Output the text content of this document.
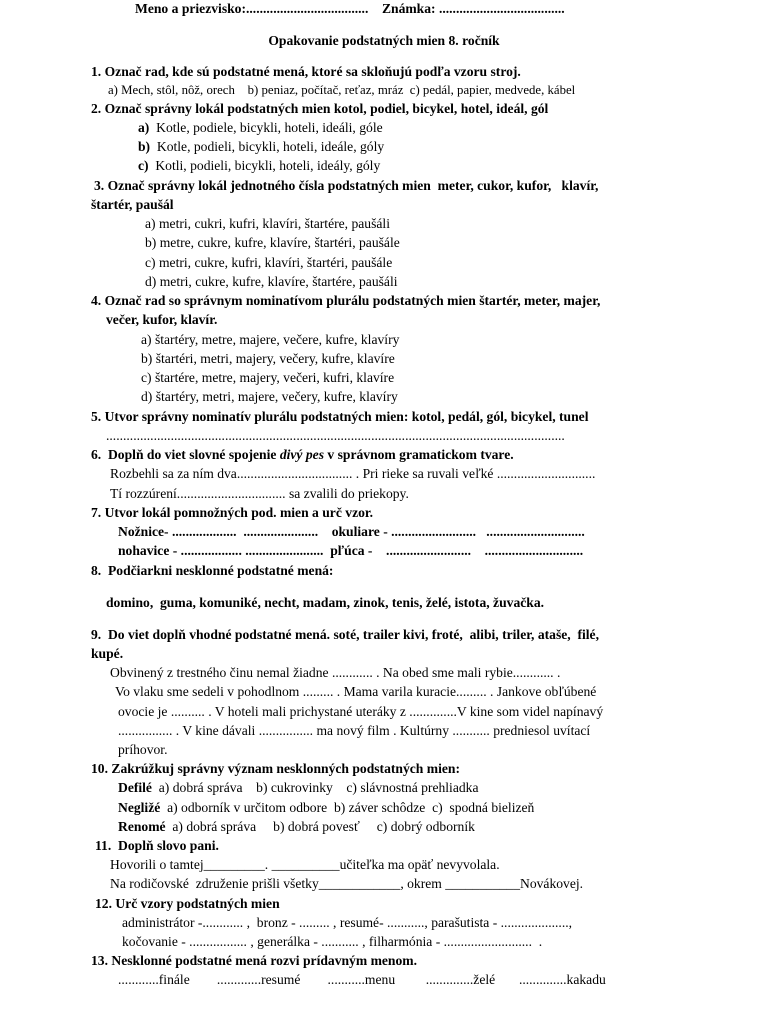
Meno a priezvisko:....................................    Známka: .....................................
Opakovanie podstatných mien 8. ročník
1. Označ rad, kde sú podstatné mená, ktoré sa skloňujú podľa vzoru stroj.
a) Mech, stôl, nôž, orech    b) peniaz, počítač, reťaz, mráz  c) pedál, papier, medvede, kábel
2. Označ správny lokál podstatných mien kotol, podiel, bicykel, hotel, ideál, gól
a) Kotle, podiele, bicykli, hoteli, ideáli, góle
b) Kotle, podieli, bicykli, hoteli, ideále, góly
c) Kotli, podieli, bicykli, hoteli, ideály, góly
3. Označ správny lokál jednotného čísla podstatných mien  meter, cukor, kufor,   klavír,
štartér, paušál
a) metri, cukri, kufri, klavíri, štartére, paušáli
b) metre, cukre, kufre, klavíre, štartéri, paušále
c) metri, cukre, kufri, klavíri, štartéri, paušále
d) metri, cukre, kufre, klavíre, štartére, paušáli
4. Označ rad so správnym nominatívom plurálu podstatných mien štartér, meter, majer,
večer, kufor, klavír.
a) štartéry, metre, majere, večere, kufre, klavíry
b) štartéri, metri, majery, večery, kufre, klavíre
c) štartére, metre, majery, večeri, kufri, klavíre
d) štartéry, metri, majere, večery, kufre, klavíry
5. Utvor správny nominatív plurálu podstatných mien: kotol, pedál, gól, bicykel, tunel
.......................................................................................................................................
6.  Doplň do viet slovné spojenie divý pes v správnom gramatickom tvare.
Rozbehli sa za ním dva.................................. . Pri rieke sa ruvali veľké .............................
Tí rozzúrení................................ sa zvalili do priekopy.
7. Utvor lokál pomnožných pod. mien a urč vzor.
Nožnice- ...................  ......................    okuliare - .........................   .............................
nohavice - .................. .......................  pľúca -    .........................    .............................
8.  Podčiarkni nesklonné podstatné mená:
domino,  guma, komuniké, necht, madam, zinok, tenis, želé, istota, žuvačka.
9.  Do viet doplň vhodné podstatné mená. soté, trailer kivi, froté,  alibi, triler, ataše,  filé,
kupé.
Obvinený z trestného činu nemal žiadne ............ . Na obed sme mali rybie............ .
Vo vlaku sme sedeli v pohodlnom ......... . Mama varila kuracie......... . Jankove obľúbené
ovocie je .......... . V hoteli mali prichystané uteráky z ..............V kine som videl napínavý
................ . V kine dávali ................ ma nový film . Kultúrny ........... predniesol uvítací
príhovor.
10. Zakrúžkuj správny význam nesklonných podstatných mien:
Defilé  a) dobrá správa    b) cukrovinky    c) slávnostná prehliadka
Negližé  a) odborník v určitom odbore  b) záver schôdze  c)  spodná bielizeň
Renomé  a) dobrá správa     b) dobrá povesť     c) dobrý odborník
11.  Doplň slovo pani.
Hovorili o tamtej_________. __________učiteľka ma opäť nevyvolala.
Na rodičovské  združenie prišli všetky____________, okrem ___________Novákovej.
12. Urč vzory podstatných mien
administrátor -............ ,  bronz - ......... , resumé- ..........., parašutista - ....................,
kočovanie - ................. , generálka - ........... , filharmónia - ..........................  .
13. Nesklonné podstatné mená rozvi prídavným menom.
............finále        .............resumé        ...........menu         ..............želé       ..............kakadu
